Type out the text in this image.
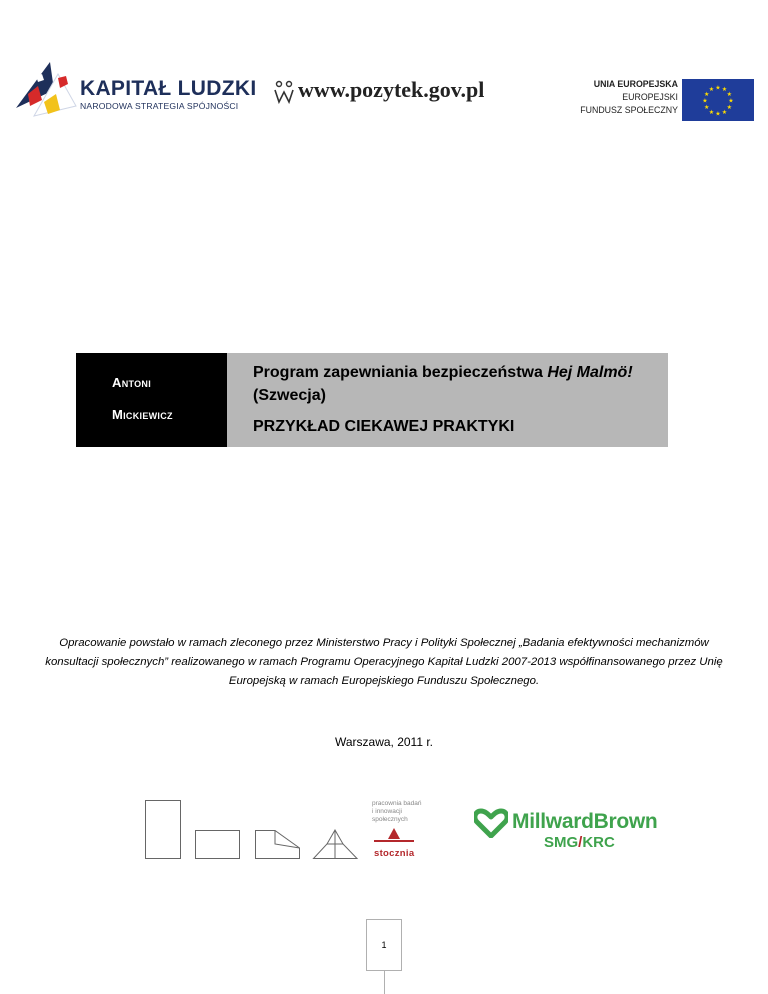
KAPITAŁ LUDZKI
NARODOWA STRATEGIA SPÓJNOŚCI
www.pozytek.gov.pl	UNIA EUROPEJSKA
EUROPEJSKI
FUNDUSZ SPOŁECZNY
★
★
★
★
★
★
★
★
★ ★ ★
★
Antoni
Mickiewicz
Program zapewniania bezpieczeństwa Hej Malmö!
(Szwecja)
PRZYKŁAD CIEKAWEJ PRAKTYKI
Opracowanie powstało w ramach zleconego przez Ministerstwo Pracy i Polityki Społecznej „Badania efektywności mechanizmów konsultacji społecznych” realizowanego w ramach Programu Operacyjnego Kapitał Ludzki 2007-2013 współfinansowanego przez Unię Europejską w ramach Europejskiego Funduszu Społecznego.
Warszawa, 2011 r.
pracownia badań
i innowacji
społecznych
stocznia
MillwardBrown
SMG/KRC
1
